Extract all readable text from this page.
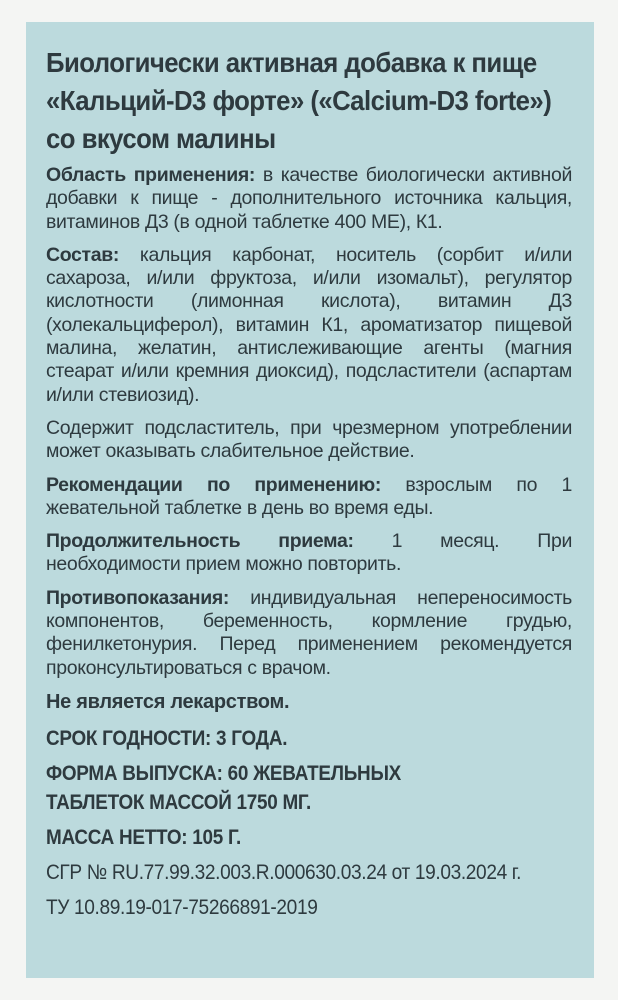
Биологически активная добавка к пище
«Кальций-D3 форте» («Calcium-D3 forte»)
со вкусом малины

Область применения: в качестве биологически активной добавки к пище - дополнительного источника кальция, витаминов Д3 (в одной таблетке 400 МЕ), К1.

Состав: кальция карбонат, носитель (сорбит и/или сахароза, и/или фруктоза, и/или изомальт), регулятор кислотности (лимонная кислота), витамин Д3 (холекальциферол), витамин К1, ароматизатор пищевой малина, желатин, антислеживающие агенты (магния стеарат и/или кремния диоксид), подсластители (аспартам и/или стевиозид).

Содержит подсластитель, при чрезмерном употреблении может оказывать слабительное действие.

Рекомендации по применению: взрослым по 1 жевательной таблетке в день во время еды.

Продолжительность приема: 1 месяц. При необходимости прием можно повторить.

Противопоказания: индивидуальная непереносимость компонентов, беременность, кормление грудью, фенилкетонурия. Перед применением рекомендуется проконсультироваться с врачом.

Не является лекарством.
СРОК ГОДНОСТИ: 3 ГОДА.
ФОРМА ВЫПУСКА: 60 ЖЕВАТЕЛЬНЫХ
ТАБЛЕТОК МАССОЙ 1750 МГ.
МАССА НЕТТО: 105 Г.
СГР № RU.77.99.32.003.R.000630.03.24 от 19.03.2024 г.
ТУ 10.89.19-017-75266891-2019
